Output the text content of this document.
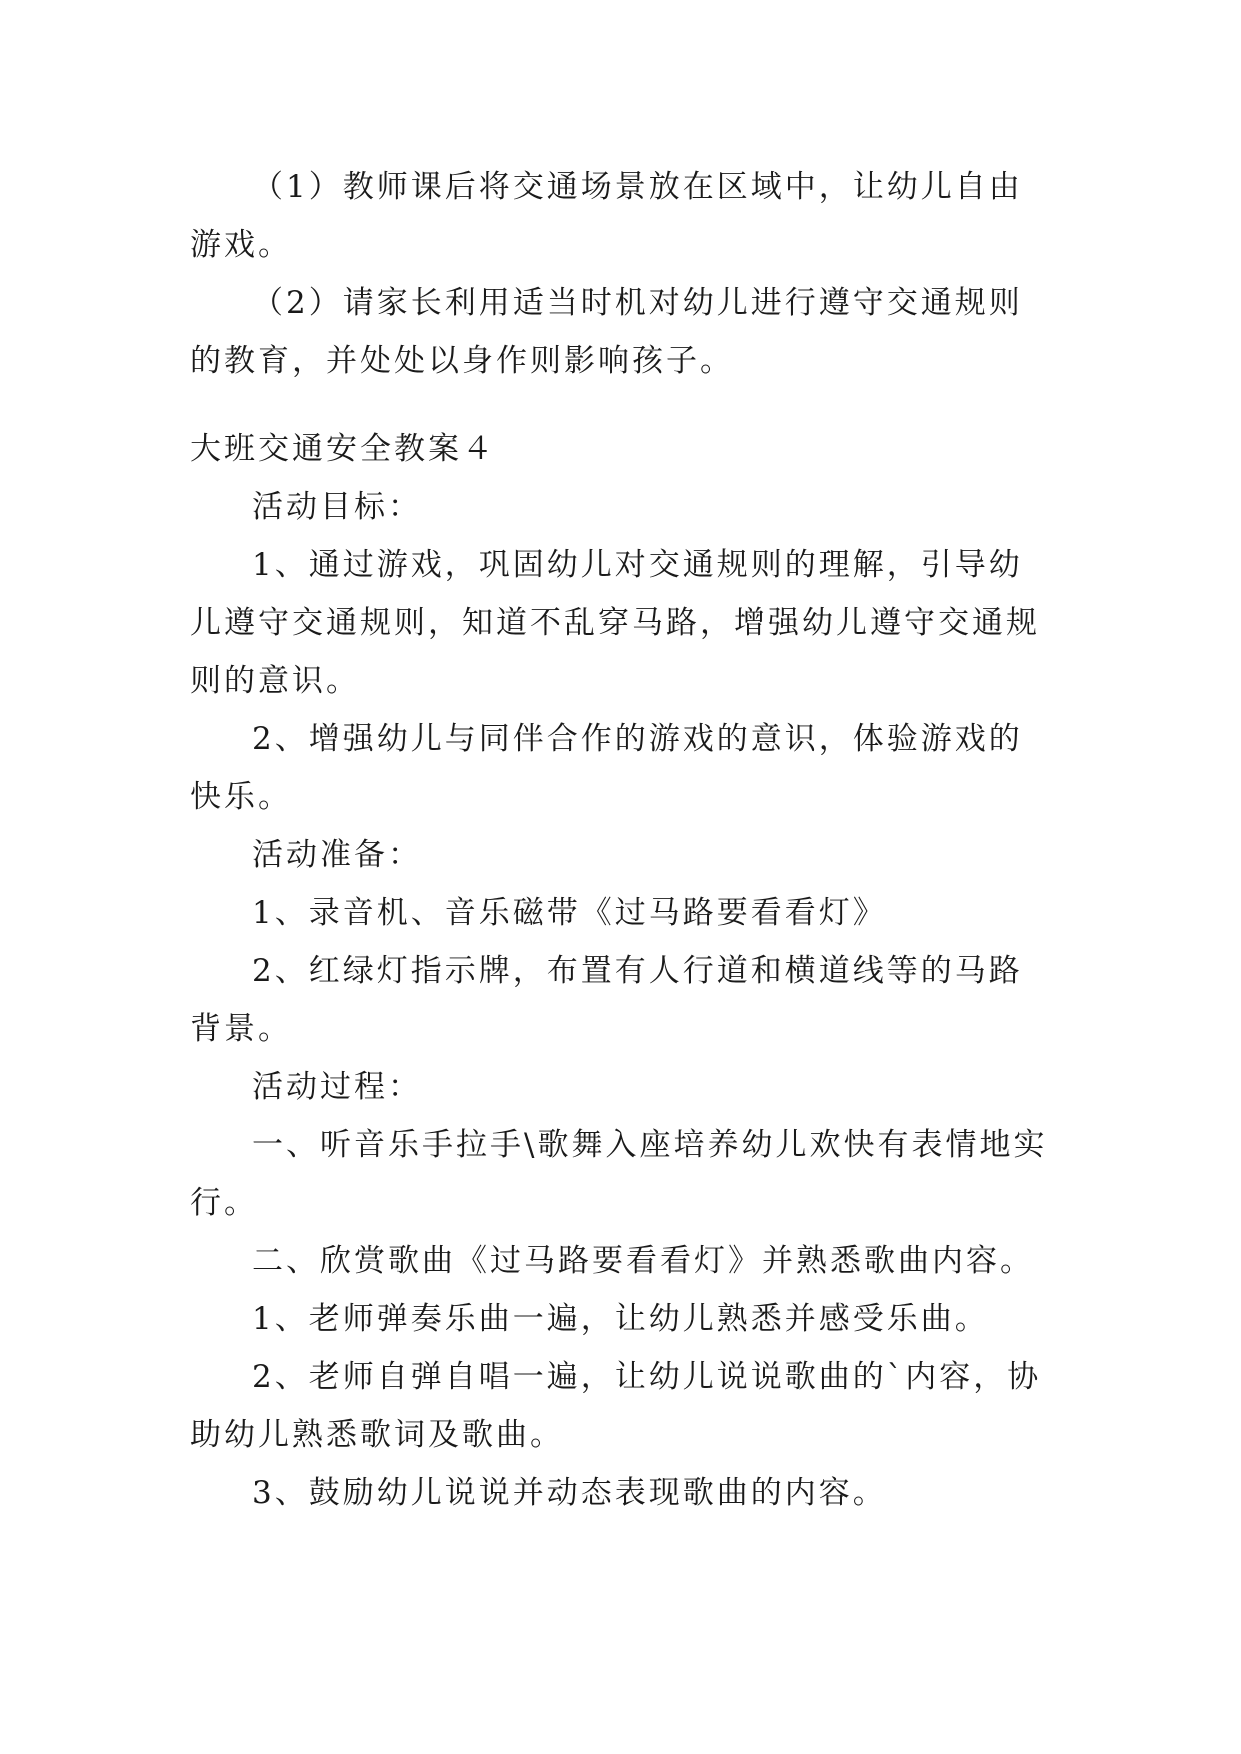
（1）教师课后将交通场景放在区域中，让幼儿自由游戏。

（2）请家长利用适当时机对幼儿进行遵守交通规则的教育，并处处以身作则影响孩子。

大班交通安全教案４

活动目标：

1、通过游戏，巩固幼儿对交通规则的理解，引导幼儿遵守交通规则，知道不乱穿马路，增强幼儿遵守交通规则的意识。

2、增强幼儿与同伴合作的游戏的意识，体验游戏的快乐。

活动准备：

1、录音机、音乐磁带《过马路要看看灯》

2、红绿灯指示牌，布置有人行道和横道线等的马路背景。

活动过程：

一、听音乐手拉手\歌舞入座培养幼儿欢快有表情地实行。

二、欣赏歌曲《过马路要看看灯》并熟悉歌曲内容。

1、老师弹奏乐曲一遍，让幼儿熟悉并感受乐曲。

2、老师自弹自唱一遍，让幼儿说说歌曲的`内容，协助幼儿熟悉歌词及歌曲。

3、鼓励幼儿说说并动态表现歌曲的内容。
